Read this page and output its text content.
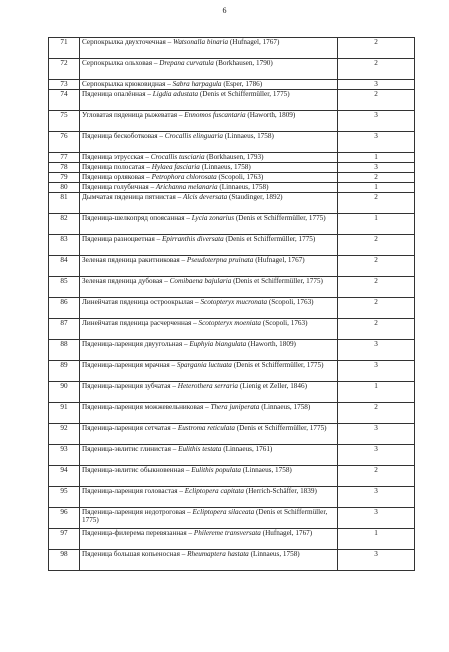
6
71	Серпокрылка двухточечная – Watsonalla binaria (Hufnagel, 1767)	2
72	Серпокрылка ольховая – Drepana curvatula (Borkhausen, 1790)	2
73	Серпокрылка крюковидная – Sabra harpagula (Esper, 1786)	3
74	Пяденица опалённая – Ligdia adustata (Denis et Schiffermüller, 1775)	2
75	Угловатая пяденица рыжеватая – Ennomos fuscantaria (Haworth, 1809)	3
76	Пяденица бескоботковая – Crocallis elinguaria (Linnaeus, 1758)	3
77	Пяденица этрусская – Crocallis tusciaria (Borkhausen, 1793)	1
78	Пяденица полосатая – Hylaea fasciaria (Linnaeus, 1758)	3
79	Пяденица орляковая – Petrophora chlorosata (Scopoli, 1763)	2
80	Пяденица голубичная – Arichanna melanaria (Linnaeus, 1758)	1
81	Дымчатая пяденица пятнистая – Alcis deversata (Staudinger, 1892)	2
82	Пяденица-шелкопряд опоясанная – Lycia zonarius (Denis et Schiffermüller, 1775)	1
83	Пяденица разноцветная – Epirranthis diversata (Denis et Schiffermüller, 1775)	2
84	Зеленая пяденица ракитниковая – Pseudoterpna pruinata (Hufnagel, 1767)	2
85	Зеленая пяденица дубовая – Comibaena bajularia (Denis et Schiffermüller, 1775)	2
86	Линейчатая пяденица остроокрылая – Scotopteryx mucronata (Scopoli, 1763)	2
87	Линейчатая пяденица расчерченная – Scotopteryx moeniata (Scopoli, 1763)	2
88	Пяденица-ларенция двуугольная – Euphyia biangulata (Haworth, 1809)	3
89	Пяденица-ларенция мрачная – Spargania luctuata (Denis et Schiffermüller, 1775)	3
90	Пяденица-ларенция зубчатая – Heterothera serraria (Lienig et Zeller, 1846)	1
91	Пяденица-ларенция можжевельниковая – Thera juniperata (Linnaeus, 1758)	2
92	Пяденица-ларенция сетчатая – Eustroma reticulata (Denis et Schiffermüller, 1775)	3
93	Пяденица-эвлитис глинистая – Eulithis testata (Linnaeus, 1761)	3
94	Пяденица-эвлитис обыкновенная – Eulithis populata (Linnaeus, 1758)	2
95	Пяденица-ларенция головастая – Ecliptopera capitata (Herrich-Schäffer, 1839)	3
96	Пяденица-ларенция недотроговая – Ecliptopera silaceata (Denis et Schiffermüller, 1775)	3
97	Пяденица-филерема перевязанная – Philereme transversata (Hufnagel, 1767)	1
98	Пяденица большая копьеносная – Rheumaptera hastata (Linnaeus, 1758)	3
